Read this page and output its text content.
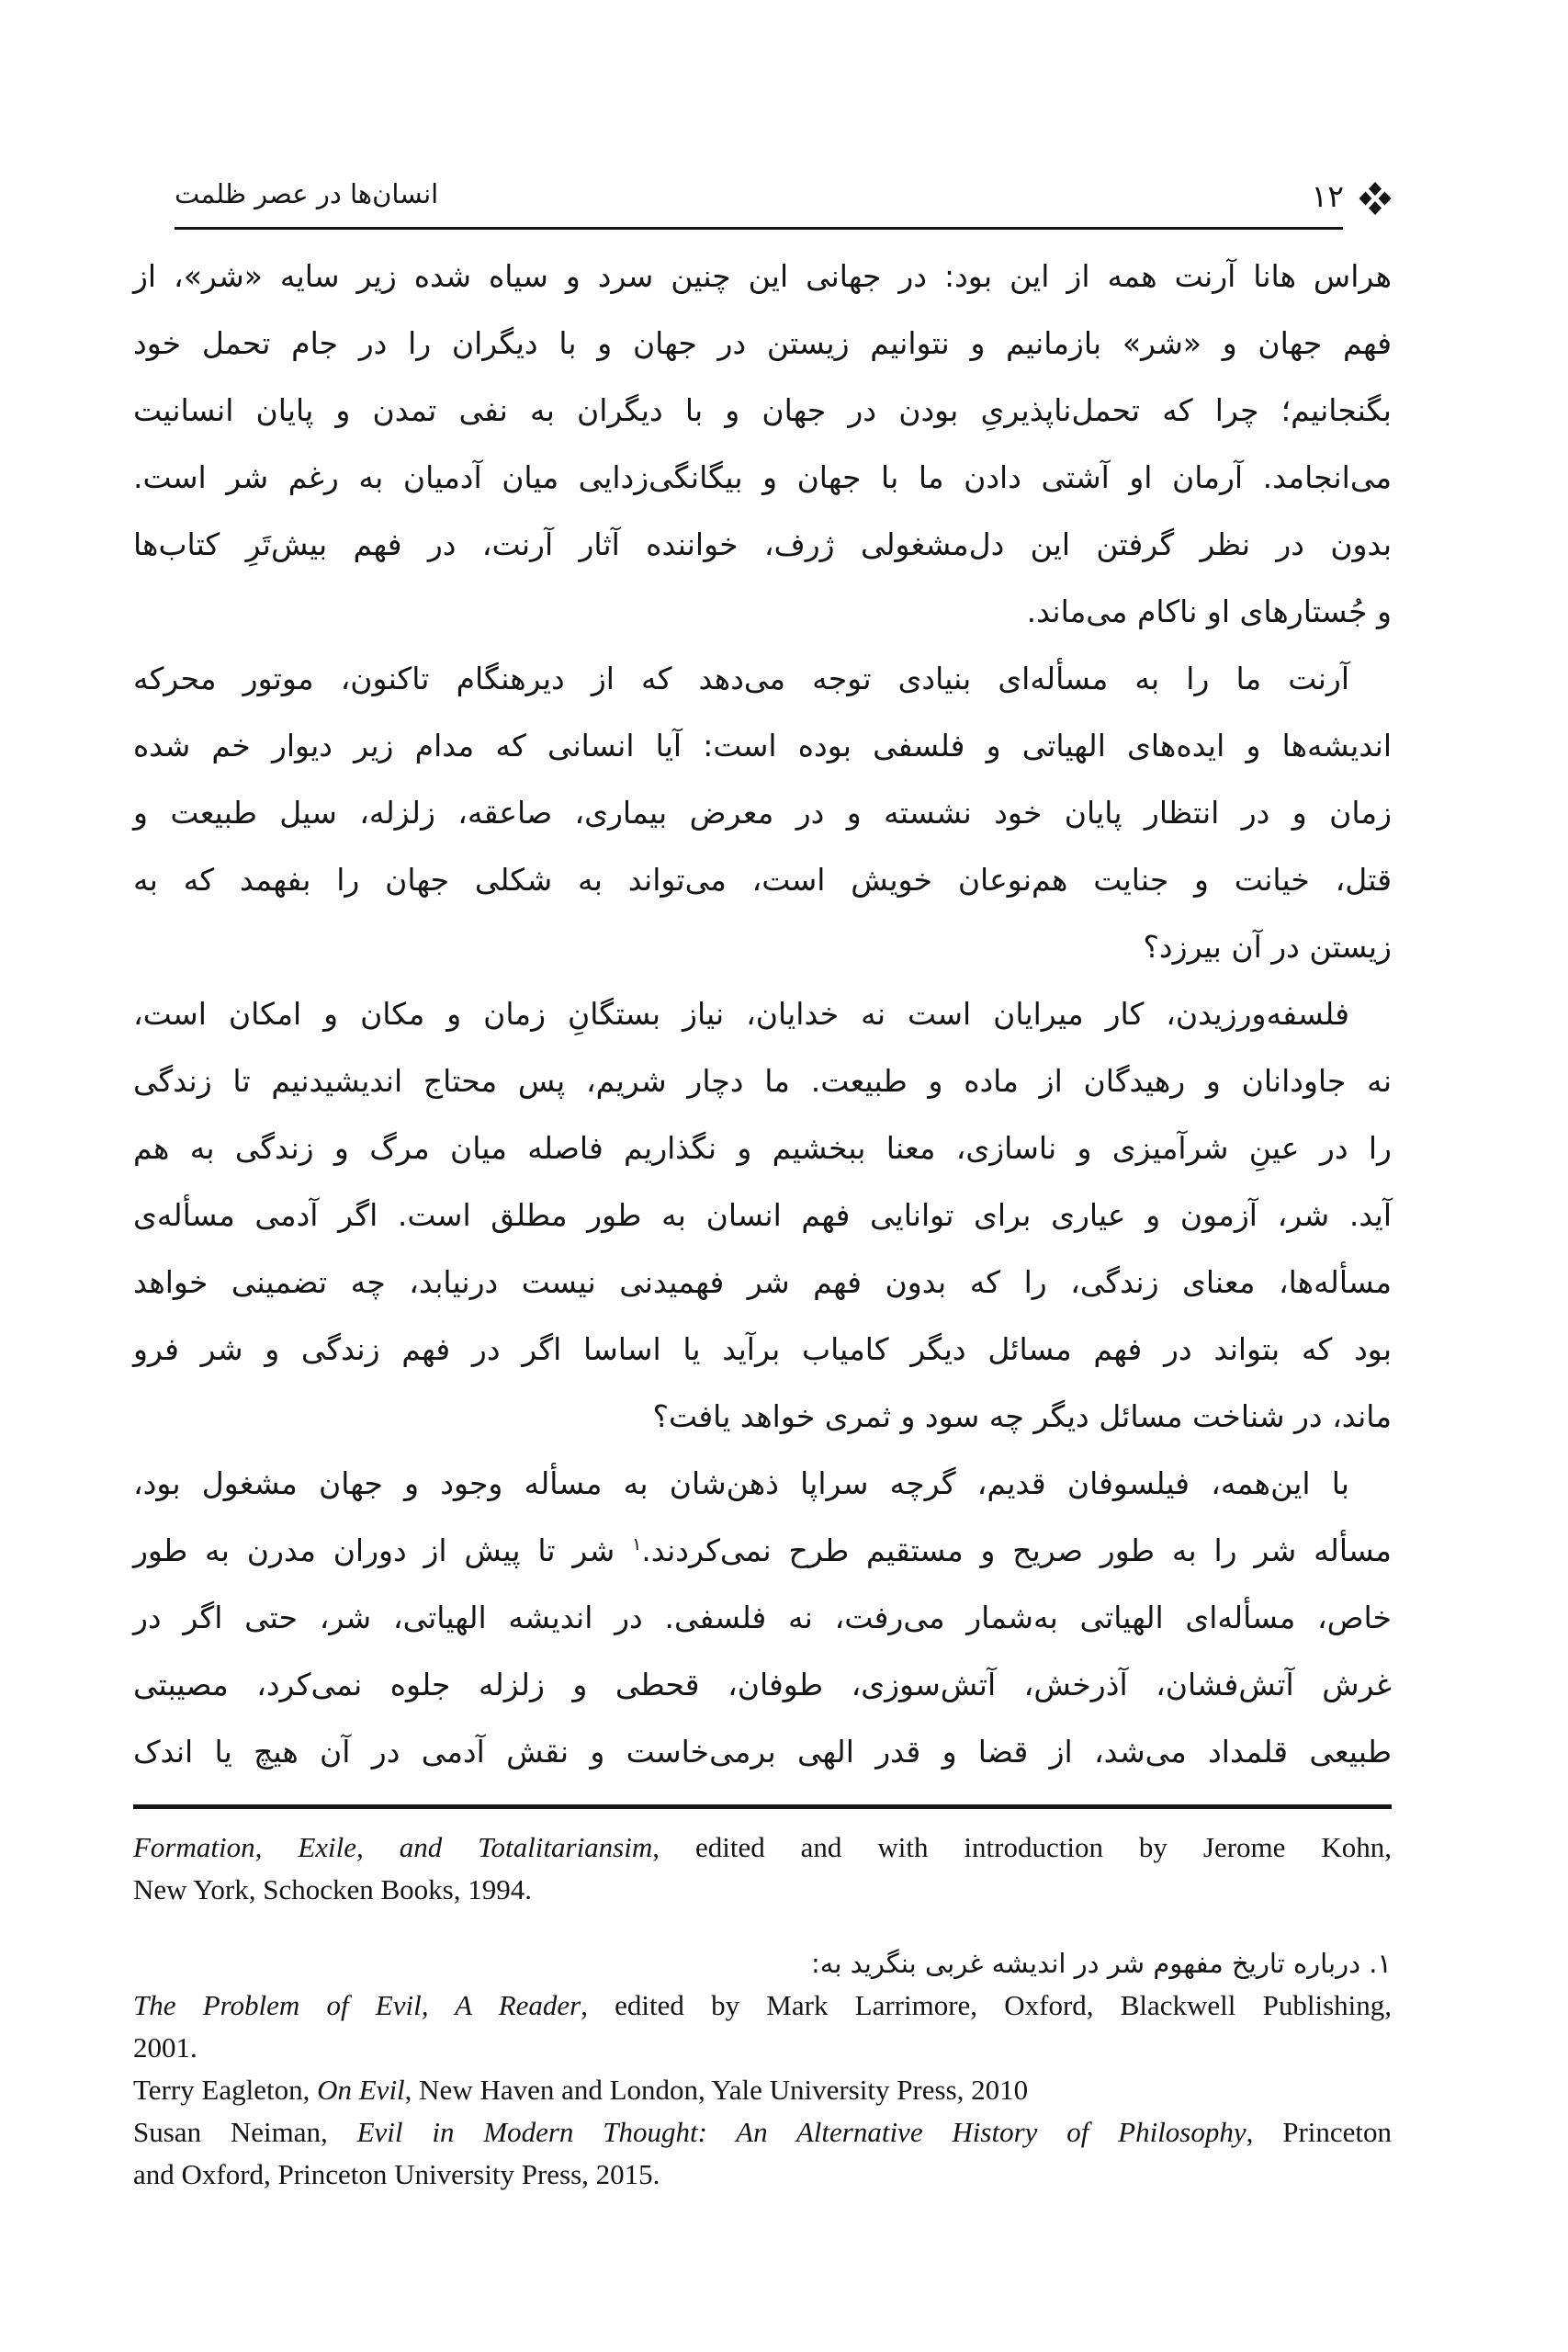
انسان‌ها در عصر ظلمت	۱۲
هراس هانا آرنت همه از این بود: در جهانی این چنین سرد و سیاه شده زیر سایه «شر»، از
فهم جهان و «شر» بازمانیم و نتوانیم زیستن در جهان و با دیگران را در جام تحمل خود
بگنجانیم؛ چرا که تحمل‌ناپذیریِ بودن در جهان و با دیگران به نفی تمدن و پایان انسانیت
می‌انجامد. آرمان او آشتی دادن ما با جهان و بیگانگی‌زدایی میان آدمیان به رغم شر است.
بدون در نظر گرفتن این دل‌مشغولی ژرف، خواننده آثار آرنت، در فهم بیش‌تَرِ کتاب‌ها
و جُستارهای او ناکام می‌ماند.
آرنت ما را به مسأله‌ای بنیادی توجه می‌دهد که از دیرهنگام تاکنون، موتور محرکه
اندیشه‌ها و ایده‌های الهیاتی و فلسفی بوده است: آیا انسانی که مدام زیر دیوار خم شده
زمان و در انتظار پایان خود نشسته و در معرض بیماری، صاعقه، زلزله، سیل طبیعت و
قتل، خیانت و جنایت هم‌نوعان خویش است، می‌تواند به شکلی جهان را بفهمد که به
زیستن در آن بیرزد؟
فلسفه‌ورزیدن، کار میرایان است نه خدایان، نیاز بستگانِ زمان و مکان و امکان است،
نه جاودانان و رهیدگان از ماده و طبیعت. ما دچار شریم، پس محتاج اندیشیدنیم تا زندگی
را در عینِ شرآمیزی و ناسازی، معنا ببخشیم و نگذاریم فاصله میان مرگ و زندگی به هم
آید. شر، آزمون و عیاری برای توانایی فهم انسان به طور مطلق است. اگر آدمی مسأله‌ی
مسأله‌ها، معنای زندگی، را که بدون فهم شر فهمیدنی نیست درنیابد، چه تضمینی خواهد
بود که بتواند در فهم مسائل دیگر کامیاب برآید یا اساسا اگر در فهم زندگی و شر فرو
ماند، در شناخت مسائل دیگر چه سود و ثمری خواهد یافت؟
با این‌همه، فیلسوفان قدیم، گرچه سراپا ذهن‌شان به مسأله وجود و جهان مشغول بود،
مسأله شر را به طور صریح و مستقیم طرح نمی‌کردند.$^۱$ شر تا پیش از دوران مدرن به طور
خاص، مسأله‌ای الهیاتی به‌شمار می‌رفت، نه فلسفی. در اندیشه الهیاتی، شر، حتی اگر در
غرش آتش‌فشان، آذرخش، آتش‌سوزی، طوفان، قحطی و زلزله جلوه نمی‌کرد، مصیبتی
طبیعی قلمداد می‌شد، از قضا و قدر الهی برمی‌خاست و نقش آدمی در آن هیچ یا اندک
Formation, Exile, and Totalitariansim, edited and with introduction by Jerome Kohn,
New York, Schocken Books, 1994.
۱. درباره تاریخ مفهوم شر در اندیشه غربی بنگرید به:
The Problem of Evil, A Reader, edited by Mark Larrimore, Oxford, Blackwell Publishing,
2001.
Terry Eagleton, On Evil, New Haven and London, Yale University Press, 2010
Susan Neiman, Evil in Modern Thought: An Alternative History of Philosophy, Princeton
and Oxford, Princeton University Press, 2015.
